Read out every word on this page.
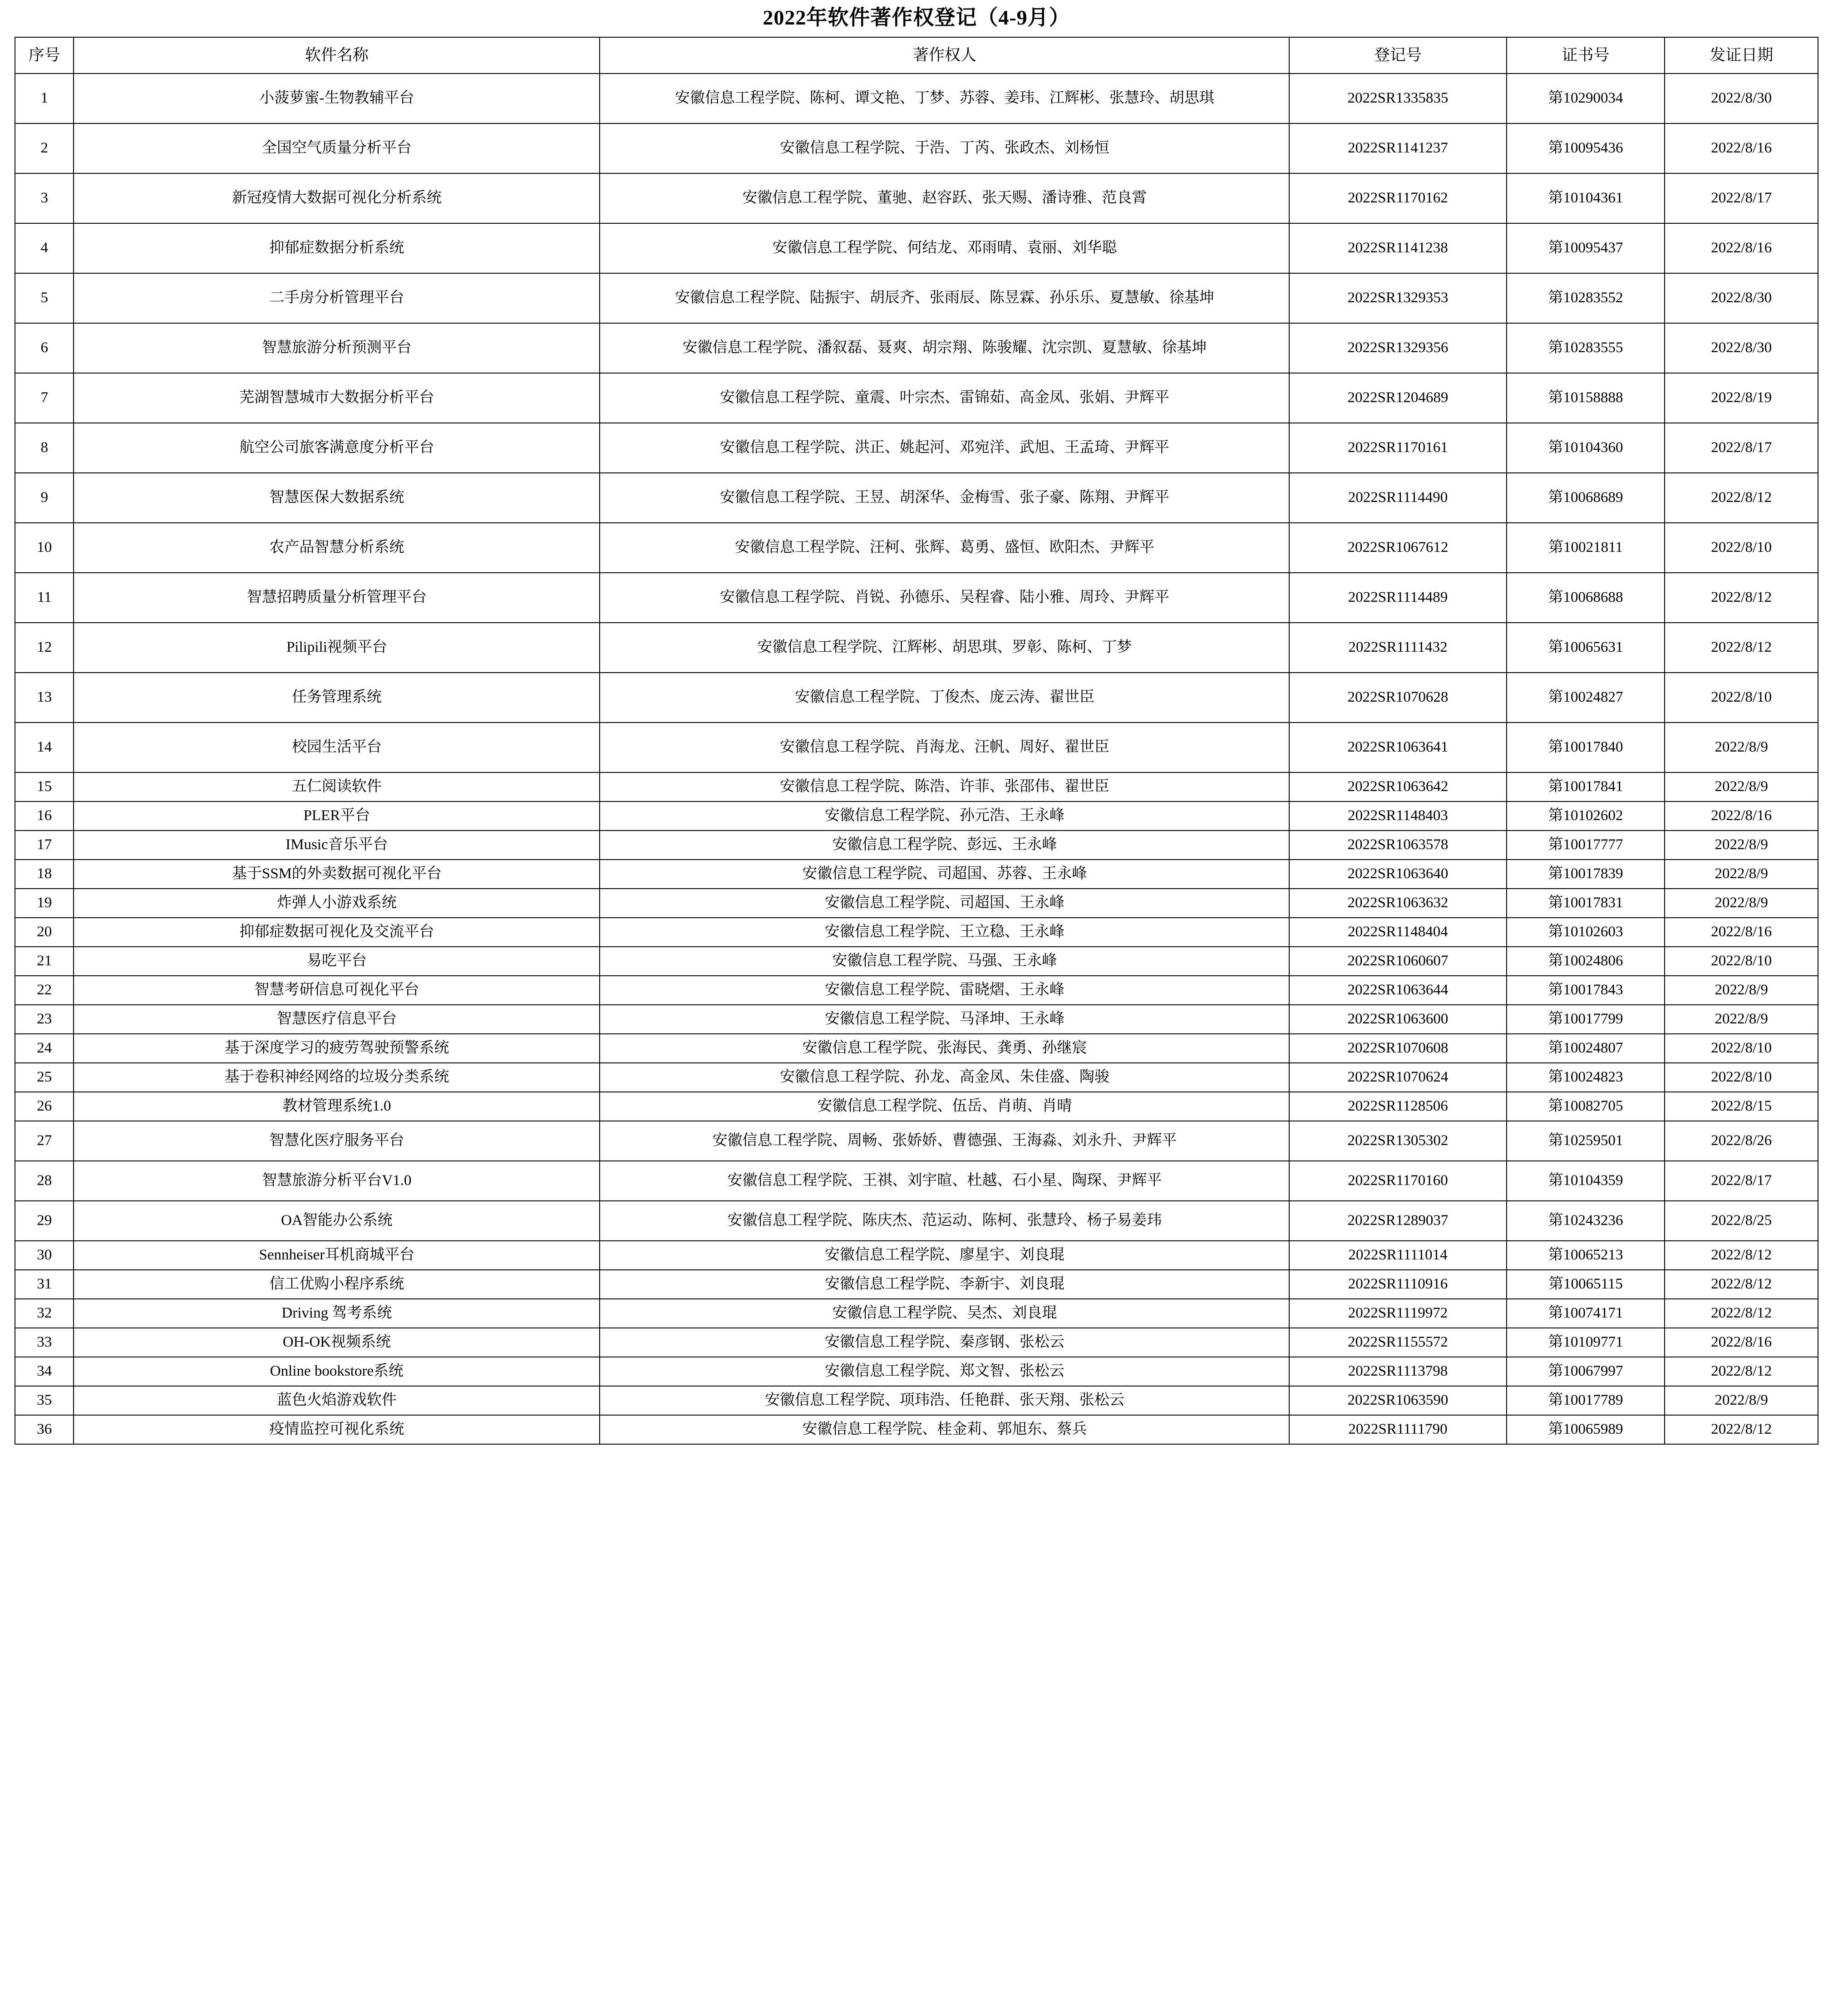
2022年软件著作权登记（4-9月）
序号	软件名称	著作权人	登记号	证书号	发证日期
1	小菠萝蜜-生物教辅平台	安徽信息工程学院、陈柯、谭文艳、丁梦、苏蓉、姜玮、江辉彬、张慧玲、胡思琪	2022SR1335835	第10290034	2022/8/30
2	全国空气质量分析平台	安徽信息工程学院、于浩、丁芮、张政杰、刘杨恒	2022SR1141237	第10095436	2022/8/16
3	新冠疫情大数据可视化分析系统	安徽信息工程学院、董驰、赵容跃、张天赐、潘诗雅、范良霄	2022SR1170162	第10104361	2022/8/17
4	抑郁症数据分析系统	安徽信息工程学院、何结龙、邓雨晴、袁丽、刘华聪	2022SR1141238	第10095437	2022/8/16
5	二手房分析管理平台	安徽信息工程学院、陆振宇、胡辰齐、张雨辰、陈昱霖、孙乐乐、夏慧敏、徐基坤	2022SR1329353	第10283552	2022/8/30
6	智慧旅游分析预测平台	安徽信息工程学院、潘叙磊、聂爽、胡宗翔、陈骏耀、沈宗凯、夏慧敏、徐基坤	2022SR1329356	第10283555	2022/8/30
7	芜湖智慧城市大数据分析平台	安徽信息工程学院、童震、叶宗杰、雷锦茹、高金凤、张娟、尹辉平	2022SR1204689	第10158888	2022/8/19
8	航空公司旅客满意度分析平台	安徽信息工程学院、洪正、姚起河、邓宛洋、武旭、王孟琦、尹辉平	2022SR1170161	第10104360	2022/8/17
9	智慧医保大数据系统	安徽信息工程学院、王昱、胡深华、金梅雪、张子豪、陈翔、尹辉平	2022SR1114490	第10068689	2022/8/12
10	农产品智慧分析系统	安徽信息工程学院、汪柯、张辉、葛勇、盛恒、欧阳杰、尹辉平	2022SR1067612	第10021811	2022/8/10
11	智慧招聘质量分析管理平台	安徽信息工程学院、肖锐、孙德乐、吴程睿、陆小雅、周玲、尹辉平	2022SR1114489	第10068688	2022/8/12
12	Pilipili视频平台	安徽信息工程学院、江辉彬、胡思琪、罗彰、陈柯、丁梦	2022SR1111432	第10065631	2022/8/12
13	任务管理系统	安徽信息工程学院、丁俊杰、庞云涛、翟世臣	2022SR1070628	第10024827	2022/8/10
14	校园生活平台	安徽信息工程学院、肖海龙、汪帆、周好、翟世臣	2022SR1063641	第10017840	2022/8/9
15	五仁阅读软件	安徽信息工程学院、陈浩、许菲、张邵伟、翟世臣	2022SR1063642	第10017841	2022/8/9
16	PLER平台	安徽信息工程学院、孙元浩、王永峰	2022SR1148403	第10102602	2022/8/16
17	IMusic音乐平台	安徽信息工程学院、彭远、王永峰	2022SR1063578	第10017777	2022/8/9
18	基于SSM的外卖数据可视化平台	安徽信息工程学院、司超国、苏蓉、王永峰	2022SR1063640	第10017839	2022/8/9
19	炸弹人小游戏系统	安徽信息工程学院、司超国、王永峰	2022SR1063632	第10017831	2022/8/9
20	抑郁症数据可视化及交流平台	安徽信息工程学院、王立稳、王永峰	2022SR1148404	第10102603	2022/8/16
21	易吃平台	安徽信息工程学院、马强、王永峰	2022SR1060607	第10024806	2022/8/10
22	智慧考研信息可视化平台	安徽信息工程学院、雷晓熠、王永峰	2022SR1063644	第10017843	2022/8/9
23	智慧医疗信息平台	安徽信息工程学院、马泽坤、王永峰	2022SR1063600	第10017799	2022/8/9
24	基于深度学习的疲劳驾驶预警系统	安徽信息工程学院、张海民、龚勇、孙继宸	2022SR1070608	第10024807	2022/8/10
25	基于卷积神经网络的垃圾分类系统	安徽信息工程学院、孙龙、高金凤、朱佳盛、陶骏	2022SR1070624	第10024823	2022/8/10
26	教材管理系统1.0	安徽信息工程学院、伍岳、肖萌、肖晴	2022SR1128506	第10082705	2022/8/15
27	智慧化医疗服务平台	安徽信息工程学院、周畅、张娇娇、曹德强、王海淼、刘永升、尹辉平	2022SR1305302	第10259501	2022/8/26
28	智慧旅游分析平台V1.0	安徽信息工程学院、王祺、刘宇暄、杜越、石小星、陶琛、尹辉平	2022SR1170160	第10104359	2022/8/17
29	OA智能办公系统	安徽信息工程学院、陈庆杰、范运动、陈柯、张慧玲、杨子易姜玮	2022SR1289037	第10243236	2022/8/25
30	Sennheiser耳机商城平台	安徽信息工程学院、廖星宇、刘良琨	2022SR1111014	第10065213	2022/8/12
31	信工优购小程序系统	安徽信息工程学院、李新宇、刘良琨	2022SR1110916	第10065115	2022/8/12
32	Driving 驾考系统	安徽信息工程学院、吴杰、刘良琨	2022SR1119972	第10074171	2022/8/12
33	OH-OK视频系统	安徽信息工程学院、秦彦钢、张松云	2022SR1155572	第10109771	2022/8/16
34	Online bookstore系统	安徽信息工程学院、郑文智、张松云	2022SR1113798	第10067997	2022/8/12
35	蓝色火焰游戏软件	安徽信息工程学院、项玮浩、任艳群、张天翔、张松云	2022SR1063590	第10017789	2022/8/9
36	疫情监控可视化系统	安徽信息工程学院、桂金莉、郭旭东、蔡兵	2022SR1111790	第10065989	2022/8/12
